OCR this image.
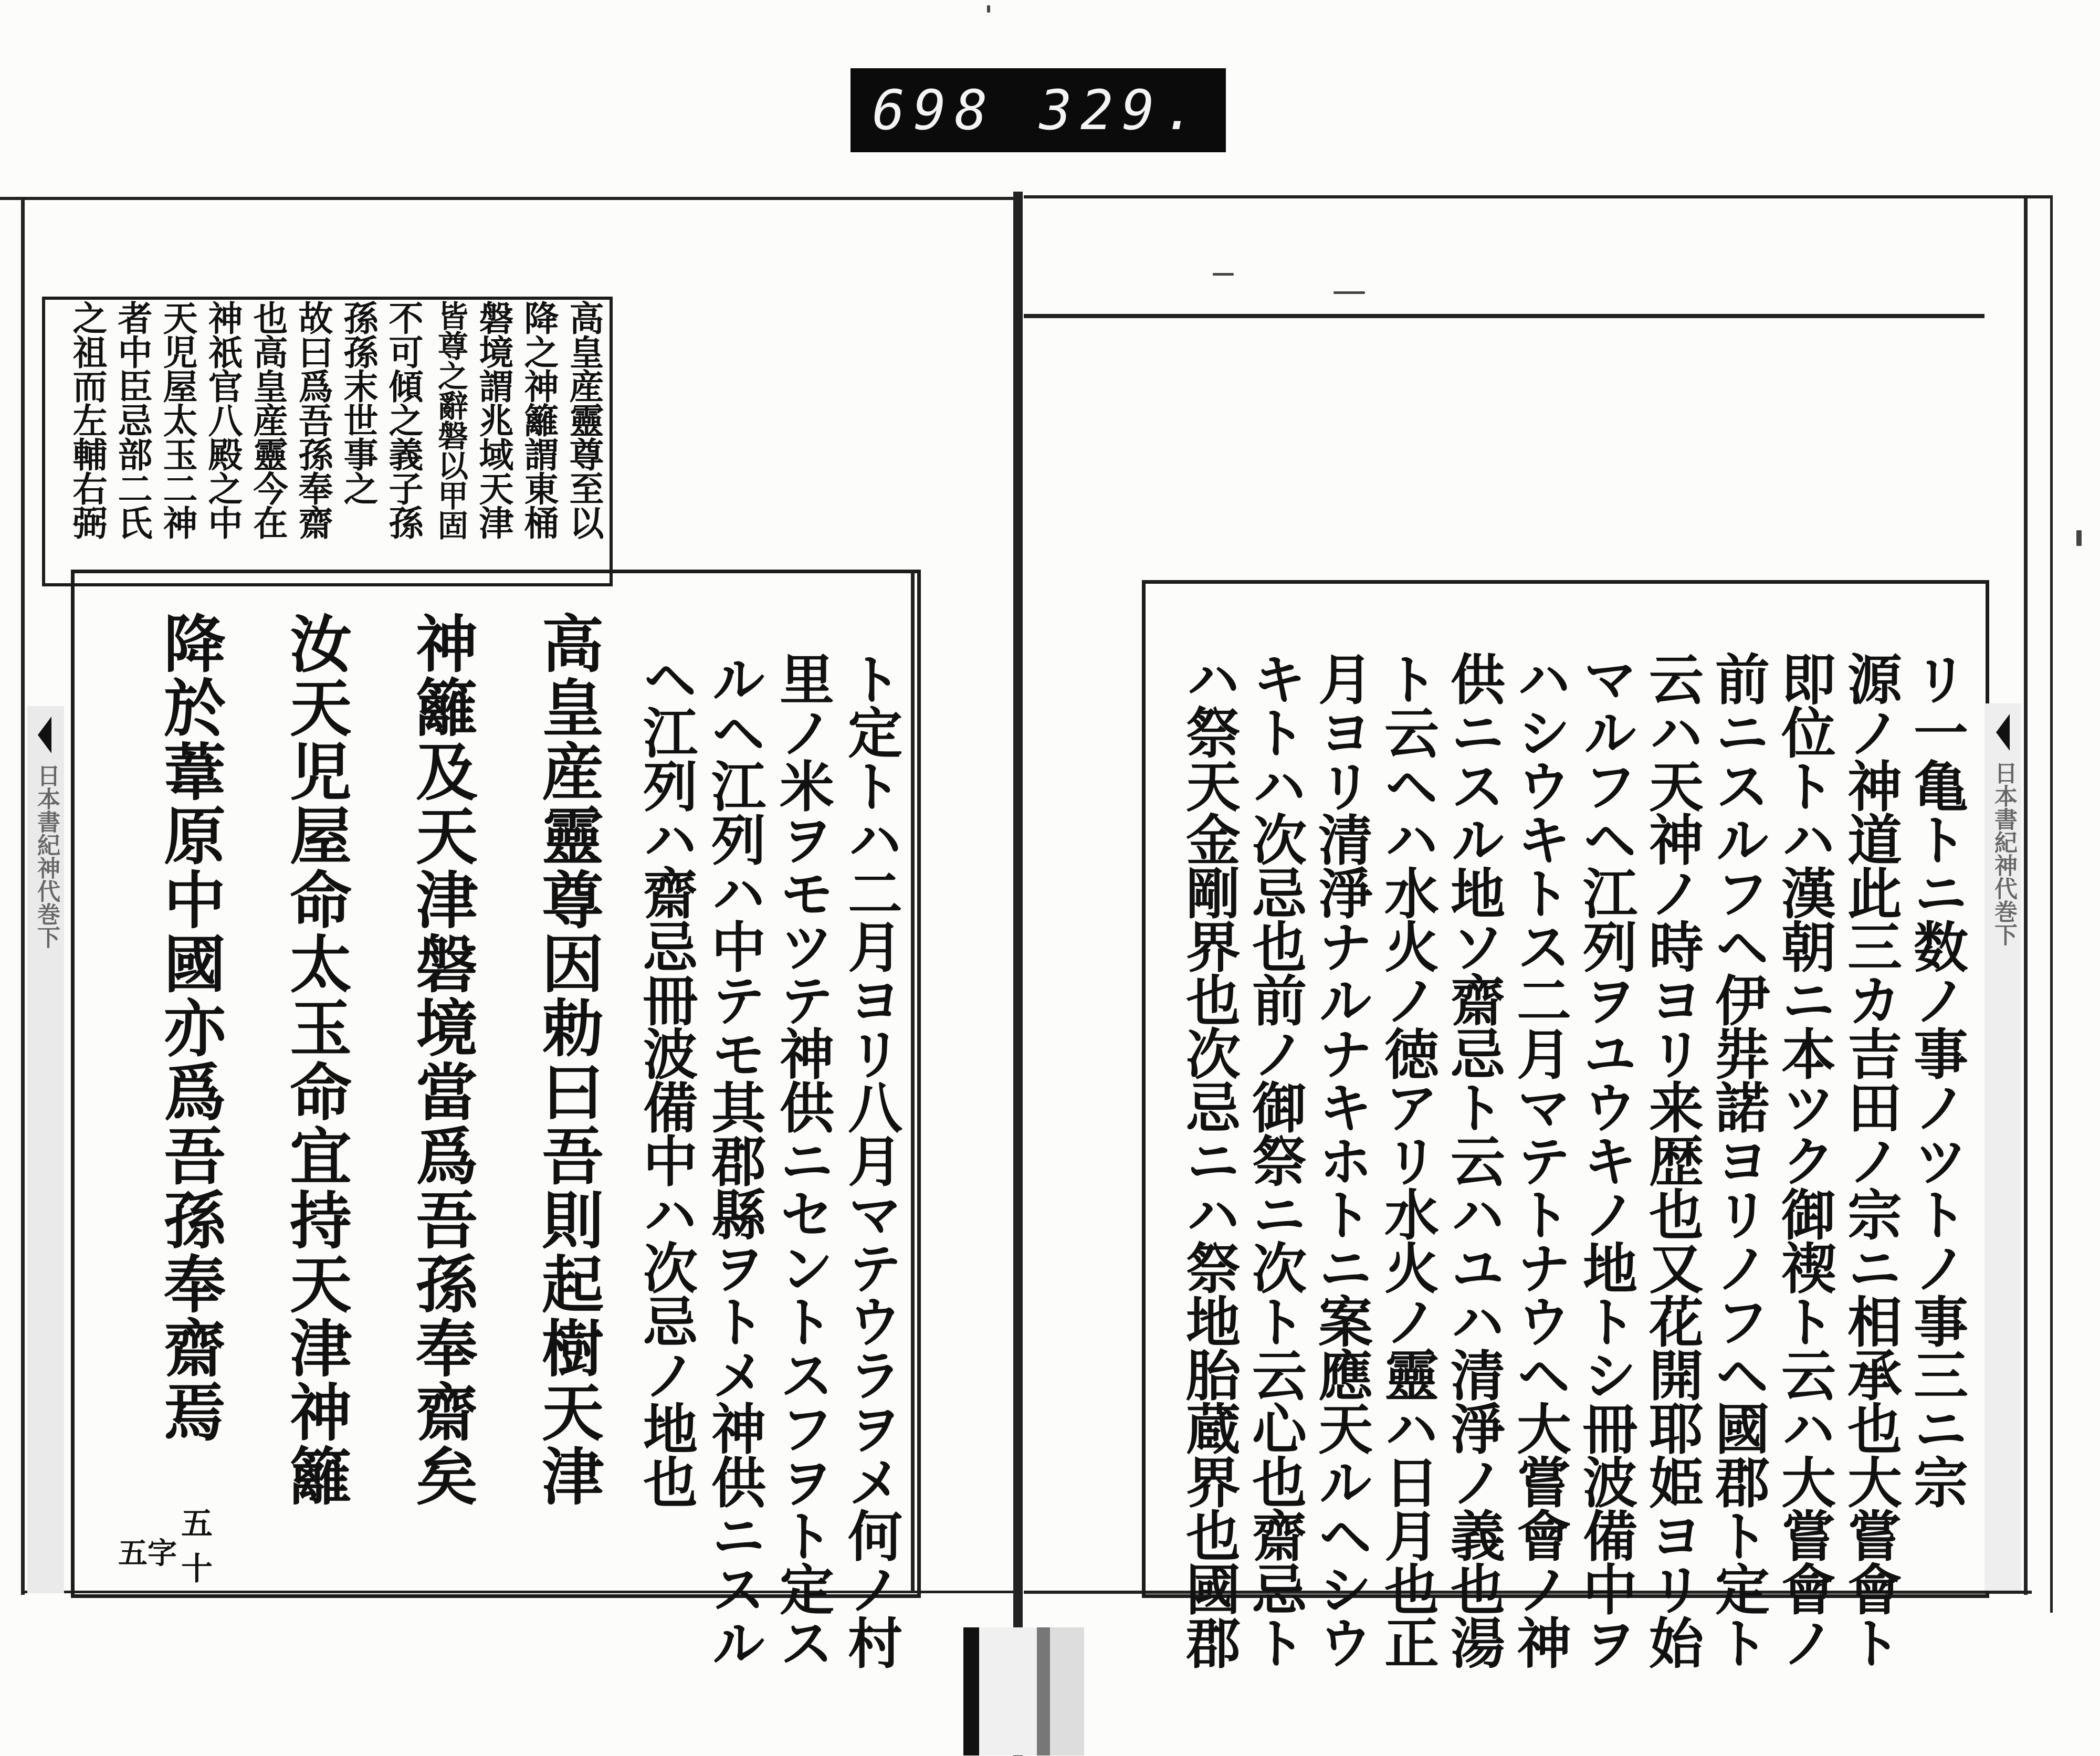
698 329.
高皇産靈尊至以
降之神籬謂東桶
磐境謂兆域天津
皆尊之辭磐以甲固
不可傾之義子孫
孫孫末世事之
故曰爲吾孫奉齋
也高皇産靈今在
神祇官八殿之中
天児屋太玉二神
者中臣忌部二氏
之祖而左輔右弼
ト定トハ二月ヨリ八月マテウラヲメ何ノ村
里ノ米ヲモツテ神供ニセントスフヲト定ス
ルヘ江列ハ中テモ其郡縣ヲトメ神供ニスル
ヘ江列ハ齋忌冊波備中ハ次忌ノ地也
高皇産靈尊因勅曰吾則起樹天津
神籬及天津磐境當爲吾孫奉齋矣
汝天児屋命太玉命宜持天津神籬
降於葦原中國亦爲吾孫奉齋焉
五十
五字
日本書紀神代巻下	日本書紀神代巻下
リ一亀トニ数ノ事ノツトノ事三ニ宗
源ノ神道此三カ吉田ノ宗ニ相承也大嘗會ト
即位トハ漢朝ニ本ツク御禊ト云ハ大嘗會ノ
前ニスルフヘ伊弉諾ヨリノフヘ國郡ト定ト
云ハ天神ノ時ヨリ来歴也又花開耶姫ヨリ始
マルフヘ江列ヲユウキノ地トシ冊波備中ヲ
ハシウキトス二月マテトナウヘ大嘗會ノ神
供ニスル地ソ齋忌ト云ハユハ清淨ノ義也湯
ト云ヘハ水火ノ徳アリ水火ノ靈ハ日月也正
月ヨリ清淨ナルナキホトニ案應天ルヘシウ
キトハ次忌也前ノ御祭ニ次ト云心也齋忌ト
ハ祭天金剛界也次忌ニハ祭地胎蔵界也國郡
